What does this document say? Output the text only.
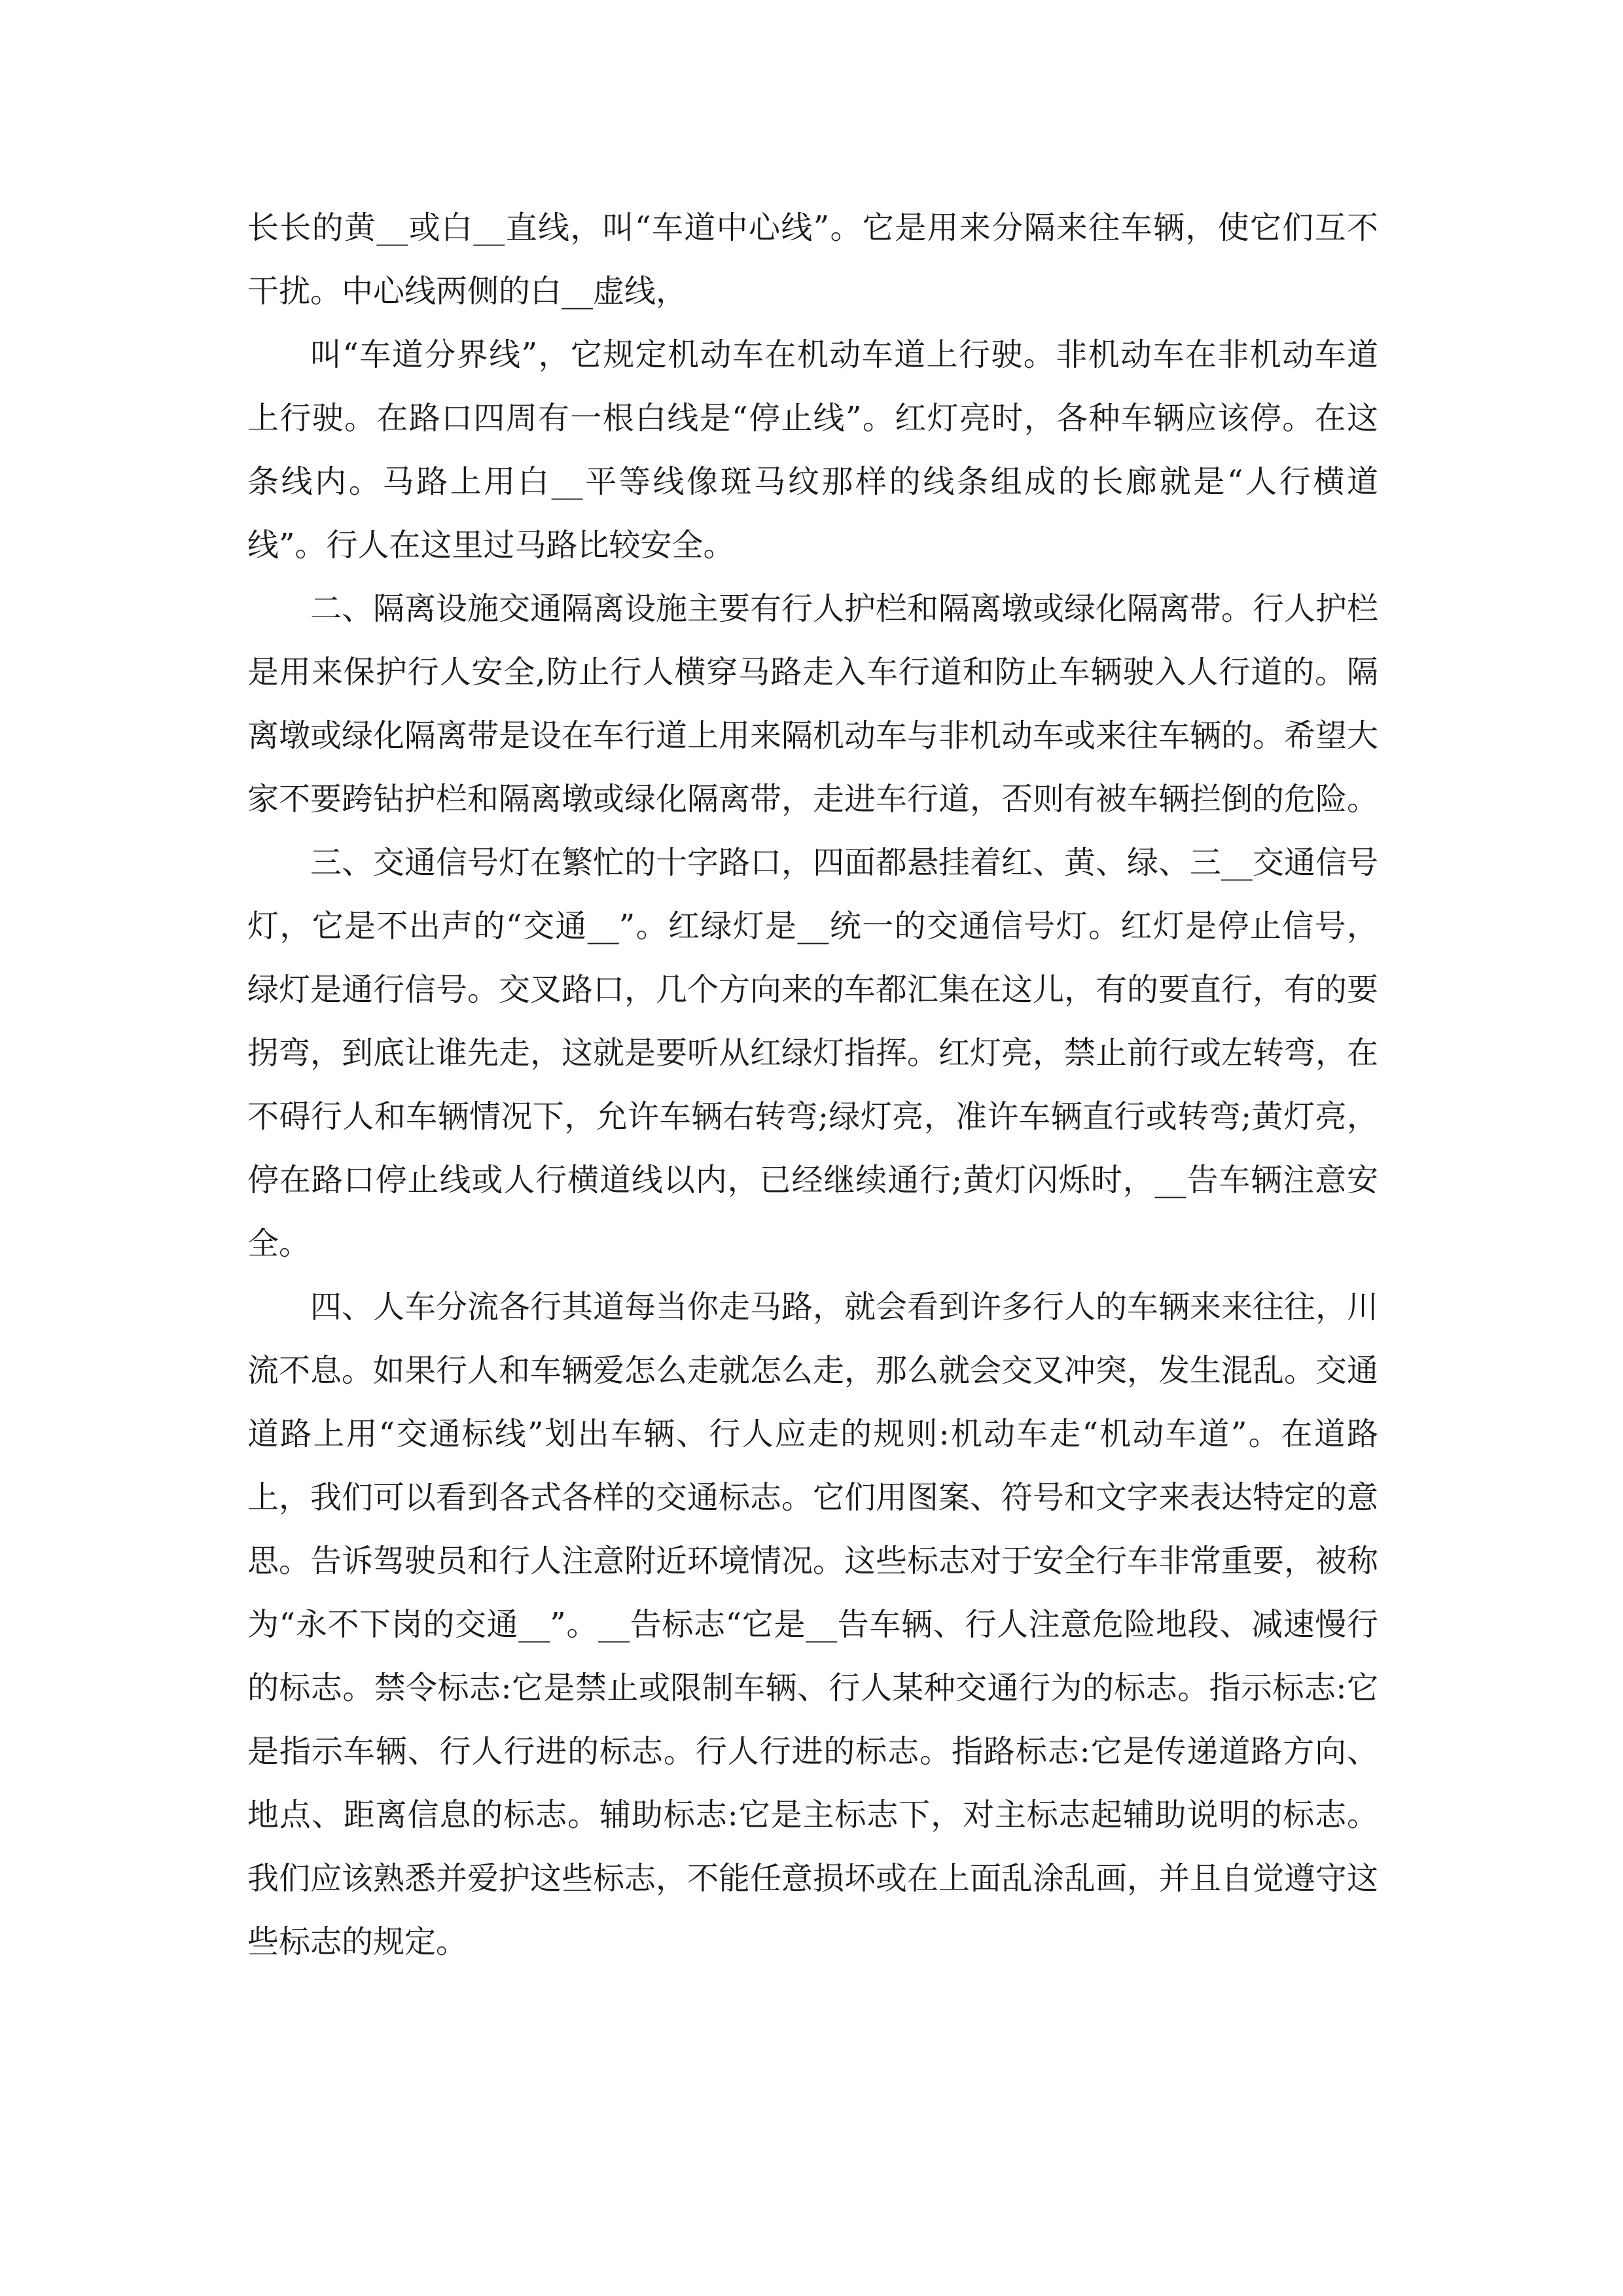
长长的黄__或白__直线，叫“车道中心线”。它是用来分隔来往车辆，使它们互不干扰。中心线两侧的白__虚线，

叫“车道分界线”，它规定机动车在机动车道上行驶。非机动车在非机动车道上行驶。在路口四周有一根白线是“停止线”。红灯亮时，各种车辆应该停。在这条线内。马路上用白__平等线像斑马纹那样的线条组成的长廊就是“人行横道线”。行人在这里过马路比较安全。

二、隔离设施交通隔离设施主要有行人护栏和隔离墩或绿化隔离带。行人护栏是用来保护行人安全,防止行人横穿马路走入车行道和防止车辆驶入人行道的。隔离墩或绿化隔离带是设在车行道上用来隔机动车与非机动车或来往车辆的。希望大家不要跨钻护栏和隔离墩或绿化隔离带，走进车行道，否则有被车辆拦倒的危险。

三、交通信号灯在繁忙的十字路口，四面都悬挂着红、黄、绿、三__交通信号灯，它是不出声的“交通__”。红绿灯是__统一的交通信号灯。红灯是停止信号，绿灯是通行信号。交叉路口，几个方向来的车都汇集在这儿，有的要直行，有的要拐弯，到底让谁先走，这就是要听从红绿灯指挥。红灯亮，禁止前行或左转弯，在不碍行人和车辆情况下，允许车辆右转弯;绿灯亮，准许车辆直行或转弯;黄灯亮，停在路口停止线或人行横道线以内，已经继续通行;黄灯闪烁时，__告车辆注意安全。

四、人车分流各行其道每当你走马路，就会看到许多行人的车辆来来往往，川流不息。如果行人和车辆爱怎么走就怎么走，那么就会交叉冲突，发生混乱。交通道路上用“交通标线”划出车辆、行人应走的规则:机动车走“机动车道”。在道路上，我们可以看到各式各样的交通标志。它们用图案、符号和文字来表达特定的意思。告诉驾驶员和行人注意附近环境情况。这些标志对于安全行车非常重要，被称为“永不下岗的交通__”。__告标志“它是__告车辆、行人注意危险地段、减速慢行的标志。禁令标志:它是禁止或限制车辆、行人某种交通行为的标志。指示标志:它是指示车辆、行人行进的标志。行人行进的标志。指路标志:它是传递道路方向、地点、距离信息的标志。辅助标志:它是主标志下，对主标志起辅助说明的标志。我们应该熟悉并爱护这些标志，不能任意损坏或在上面乱涂乱画，并且自觉遵守这些标志的规定。
